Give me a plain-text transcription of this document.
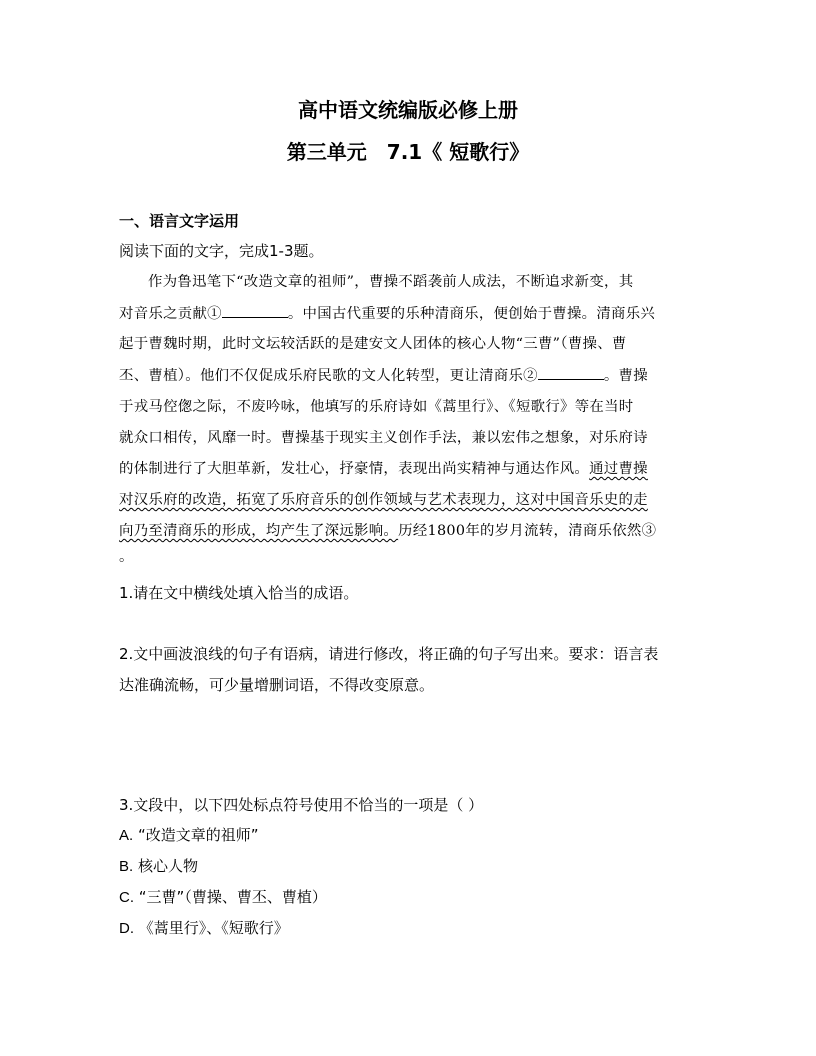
高中语文统编版必修上册
第三单元　7.1《 短歌行》
一、语言文字运用
阅读下面的文字，完成1-3题。
作为鲁迅笔下“改造文章的祖师”，曹操不蹈袭前人成法，不断追求新变，其
对音乐之贡献①	。中国古代重要的乐种清商乐，便创始于曹操。清商乐兴
起于曹魏时期，此时文坛较活跃的是建安文人团体的核心人物“三曹”（曹操、曹
丕、曹植）。他们不仅促成乐府民歌的文人化转型，更让清商乐②	。曹操
于戎马倥偬之际，不废吟咏，他填写的乐府诗如《蒿里行》、《短歌行》等在当时
就众口相传，风靡一时。曹操基于现实主义创作手法，兼以宏伟之想象，对乐府诗
的体制进行了大胆革新，发壮心，抒豪情，表现出尚实精神与通达作风。通过曹操
对汉乐府的改造，拓宽了乐府音乐的创作领域与艺术表现力，这对中国音乐史的走
向乃至清商乐的形成，均产生了深远影响。历经1800年的岁月流转，清商乐依然③
。
1.请在文中横线处填入恰当的成语。
2.文中画波浪线的句子有语病，请进行修改，将正确的句子写出来。要求：语言表
达准确流畅，可少量增删词语，不得改变原意。
3.文段中，以下四处标点符号使用不恰当的一项是（ ）
A. “改造文章的祖师”
B. 核心人物
C. “三曹”（曹操、曹丕、曹植）
D. 《蒿里行》、《短歌行》
